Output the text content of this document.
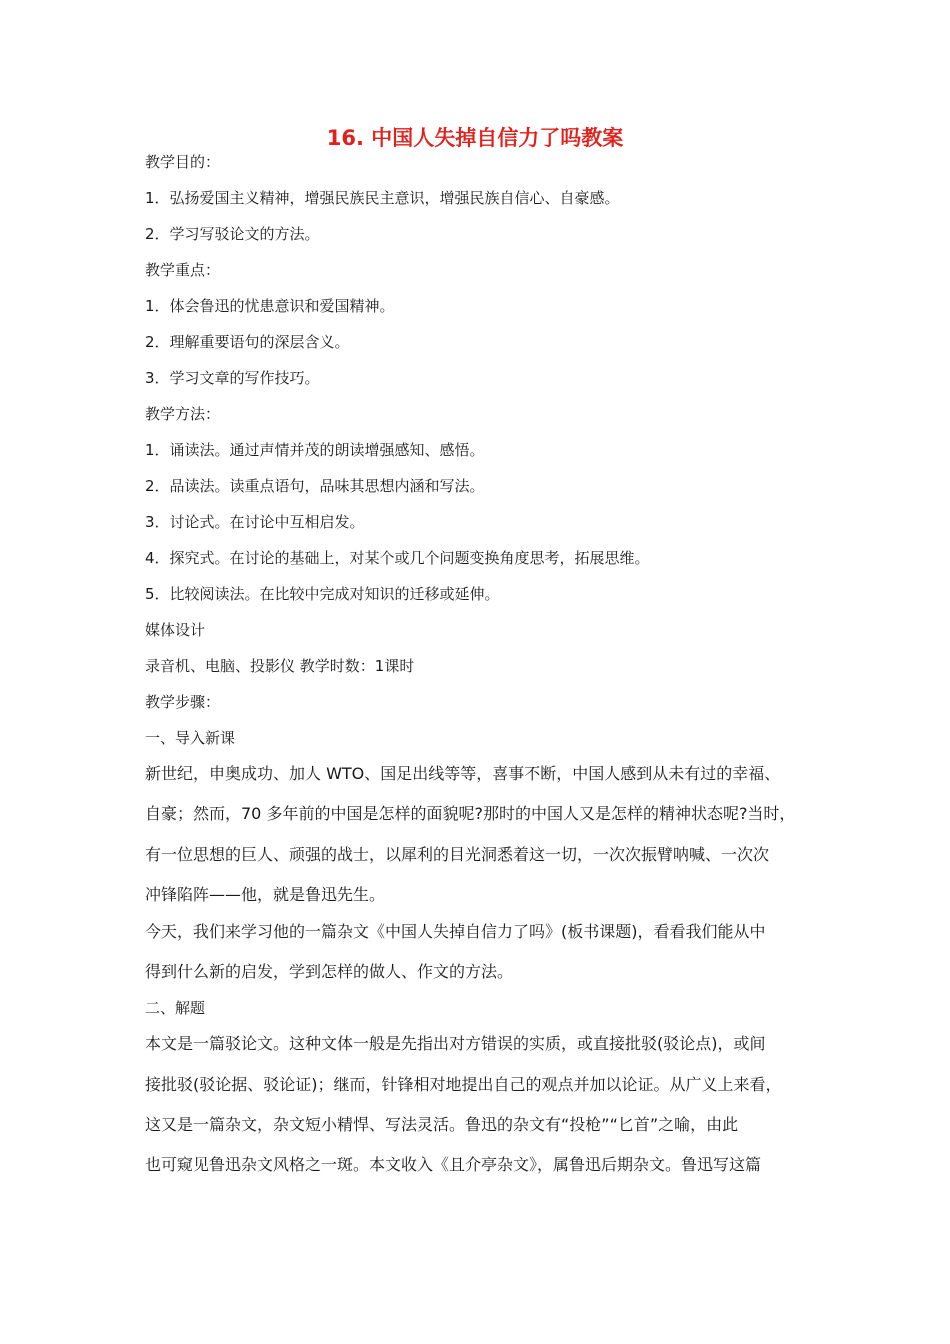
16. 中国人失掉自信力了吗教案

教学目的：

1．弘扬爱国主义精神，增强民族民主意识，增强民族自信心、自豪感。

2．学习写驳论文的方法。

教学重点：

1．体会鲁迅的忧患意识和爱国精神。

2．理解重要语句的深层含义。

3．学习文章的写作技巧。

教学方法：

1．诵读法。通过声情并茂的朗读增强感知、感悟。

2．品读法。读重点语句，品味其思想内涵和写法。

3．讨论式。在讨论中互相启发。

4．探究式。在讨论的基础上，对某个或几个问题变换角度思考，拓展思维。

5．比较阅读法。在比较中完成对知识的迁移或延伸。

媒体设计

录音机、电脑、投影仪 教学时数：1课时

教学步骤：

一、导入新课

新世纪，申奥成功、加人 WTO、国足出线等等，喜事不断，中国人感到从未有过的幸福、

自豪；然而，70 多年前的中国是怎样的面貌呢?那时的中国人又是怎样的精神状态呢?当时，

有一位思想的巨人、顽强的战士，以犀利的目光洞悉着这一切，一次次振臂呐喊、一次次

冲锋陷阵——他，就是鲁迅先生。

今天，我们来学习他的一篇杂文《中国人失掉自信力了吗》(板书课题)，看看我们能从中

得到什么新的启发，学到怎样的做人、作文的方法。

二、解题

本文是一篇驳论文。这种文体一般是先指出对方错误的实质，或直接批驳(驳论点)，或间

接批驳(驳论据、驳论证)；继而，针锋相对地提出自己的观点并加以论证。从广义上来看，

这又是一篇杂文，杂文短小精悍、写法灵活。鲁迅的杂文有“投枪”“匕首”之喻，由此

也可窥见鲁迅杂文风格之一斑。本文收入《且介亭杂文》，属鲁迅后期杂文。鲁迅写这篇
